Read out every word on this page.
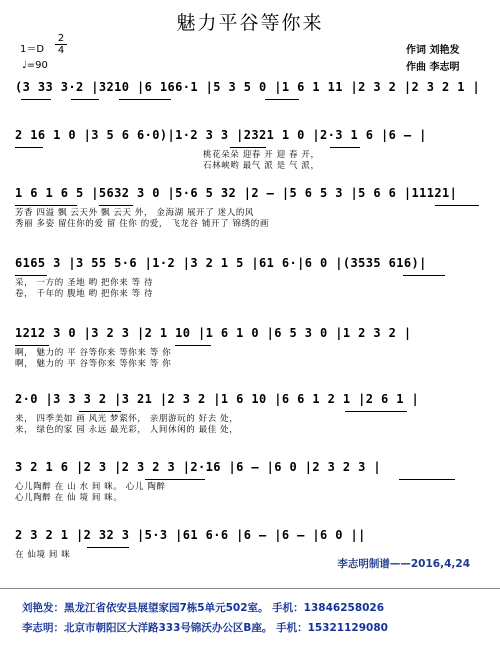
魅力平谷等你来
1＝D
2
4
♩=90
作词 刘艳发
作曲 李志明
(3 33 3·2 |3210 |6 166·1 |5 3 5 0 |1 6 1 11 |2 3 2 |2 3 2 1 |
2 16 1 0 |3 5 6 6·0)|1·2 3 3 |2321 1 0 |2·3 1 6 |6 – |
桃花朵朵 迎春 开 迎 春 开，
石林峡哟 最气 派 是 气 派，
1 6 1 6 5 |5632 3 0 |5·6 5 32 |2 – |5 6 5 3 |5 6 6 |11121|
芳香 四溢 飘 云天外 飘 云天 外， 金海湖 展开了 迷人的风
秀丽 多姿 留住你的爱 留 住你 的爱， 飞龙谷 铺开了 锦绣的画
6165 3 |3 55 5·6 |1·2 |3 2 1 5 |61 6·|6 0 |(3535 616)|
采， 一方的 圣地 哟 把你来 等 待
卷， 千年的 腹地 哟 把你来 等 待
1212 3 0 |3 2 3 |2 1 10 |1 6 1 0 |6 5 3 0 |1 2 3 2 |
啊， 魅力的 平 谷等你来 等你来 等 你
啊， 魅力的 平 谷等你来 等你来 等 你
2·0 |3 3 3 2 |3 21 |2 3 2 |1 6 10 |6 6 1 2 1 |2 6 1 |
来， 四季美如 画 风光 梦萦怀， 亲朋游玩的 好去 处，
来， 绿色的家 园 永远 最光彩， 人间休闲的 最佳 处，
3 2 1 6 |2 3 |2 3 2 3 |2·16 |6 – |6 0 |2 3 2 3 |
心儿陶醉 在 山 水 间 咪。 心儿 陶醉
心儿陶醉 在 仙 境 间 咪。
2 3 2 1 |2 32 3 |5·3 |61 6·6 |6 – |6 – |6 0 ||
在 仙境 间 咪
李志明制谱——2016,4,24
刘艳发：黑龙江省依安县展望家园7栋5单元502室。 手机：13846258026
李志明：北京市朝阳区大洋路333号锦沃办公区B座。 手机：15321129080
